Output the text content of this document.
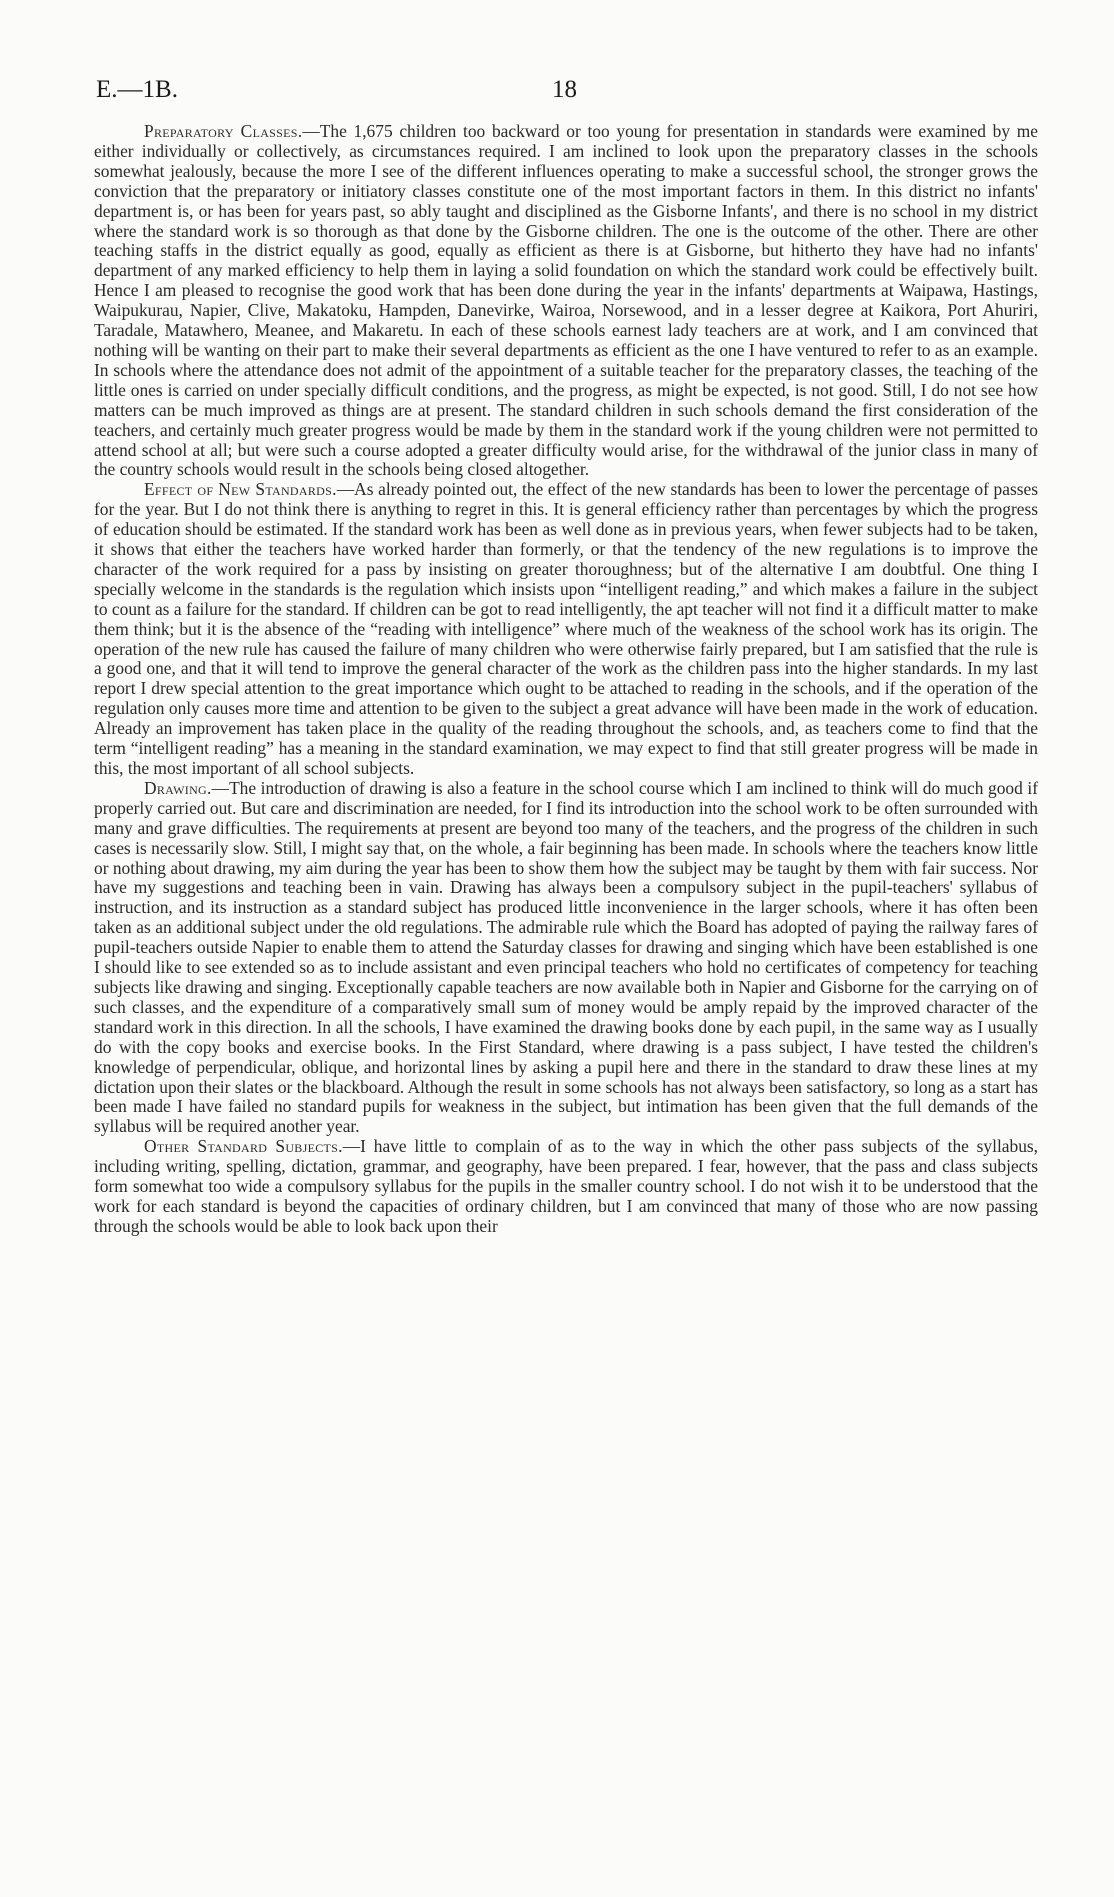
E.—1B.	18

Preparatory Classes.—The 1,675 children too backward or too young for presentation in standards were examined by me either individually or collectively, as circumstances required. I am inclined to look upon the preparatory classes in the schools somewhat jealously, because the more I see of the different influences operating to make a successful school, the stronger grows the conviction that the preparatory or initiatory classes constitute one of the most important factors in them. In this district no infants' department is, or has been for years past, so ably taught and disciplined as the Gisborne Infants', and there is no school in my district where the standard work is so thorough as that done by the Gisborne children. The one is the outcome of the other. There are other teaching staffs in the district equally as good, equally as efficient as there is at Gisborne, but hitherto they have had no infants' department of any marked efficiency to help them in laying a solid foundation on which the standard work could be effectively built. Hence I am pleased to recognise the good work that has been done during the year in the infants' departments at Waipawa, Hastings, Waipukurau, Napier, Clive, Makatoku, Hampden, Danevirke, Wairoa, Norsewood, and in a lesser degree at Kaikora, Port Ahuriri, Taradale, Matawhero, Meanee, and Makaretu. In each of these schools earnest lady teachers are at work, and I am convinced that nothing will be wanting on their part to make their several departments as efficient as the one I have ventured to refer to as an example. In schools where the attendance does not admit of the appointment of a suitable teacher for the preparatory classes, the teaching of the little ones is carried on under specially difficult conditions, and the progress, as might be expected, is not good. Still, I do not see how matters can be much improved as things are at present. The standard children in such schools demand the first consideration of the teachers, and certainly much greater progress would be made by them in the standard work if the young children were not permitted to attend school at all; but were such a course adopted a greater difficulty would arise, for the withdrawal of the junior class in many of the country schools would result in the schools being closed altogether.

Effect of New Standards.—As already pointed out, the effect of the new standards has been to lower the percentage of passes for the year. But I do not think there is anything to regret in this. It is general efficiency rather than percentages by which the progress of education should be estimated. If the standard work has been as well done as in previous years, when fewer subjects had to be taken, it shows that either the teachers have worked harder than formerly, or that the tendency of the new regulations is to improve the character of the work required for a pass by insisting on greater thoroughness; but of the alternative I am doubtful. One thing I specially welcome in the standards is the regulation which insists upon “intelligent reading,” and which makes a failure in the subject to count as a failure for the standard. If children can be got to read intelligently, the apt teacher will not find it a difficult matter to make them think; but it is the absence of the “reading with intelligence” where much of the weakness of the school work has its origin. The operation of the new rule has caused the failure of many children who were otherwise fairly prepared, but I am satisfied that the rule is a good one, and that it will tend to improve the general character of the work as the children pass into the higher standards. In my last report I drew special attention to the great importance which ought to be attached to reading in the schools, and if the operation of the regulation only causes more time and attention to be given to the subject a great advance will have been made in the work of education. Already an improvement has taken place in the quality of the reading throughout the schools, and, as teachers come to find that the term “intelligent reading” has a meaning in the standard examination, we may expect to find that still greater progress will be made in this, the most important of all school subjects.

Drawing.—The introduction of drawing is also a feature in the school course which I am inclined to think will do much good if properly carried out. But care and discrimination are needed, for I find its introduction into the school work to be often surrounded with many and grave difficulties. The requirements at present are beyond too many of the teachers, and the progress of the children in such cases is necessarily slow. Still, I might say that, on the whole, a fair beginning has been made. In schools where the teachers know little or nothing about drawing, my aim during the year has been to show them how the subject may be taught by them with fair success. Nor have my suggestions and teaching been in vain. Drawing has always been a compulsory subject in the pupil-teachers' syllabus of instruction, and its instruction as a standard subject has produced little inconvenience in the larger schools, where it has often been taken as an additional subject under the old regulations. The admirable rule which the Board has adopted of paying the railway fares of pupil-teachers outside Napier to enable them to attend the Saturday classes for drawing and singing which have been established is one I should like to see extended so as to include assistant and even principal teachers who hold no certificates of competency for teaching subjects like drawing and singing. Exceptionally capable teachers are now available both in Napier and Gisborne for the carrying on of such classes, and the expenditure of a comparatively small sum of money would be amply repaid by the improved character of the standard work in this direction. In all the schools, I have examined the drawing books done by each pupil, in the same way as I usually do with the copy books and exercise books. In the First Standard, where drawing is a pass subject, I have tested the children's knowledge of perpendicular, oblique, and horizontal lines by asking a pupil here and there in the standard to draw these lines at my dictation upon their slates or the blackboard. Although the result in some schools has not always been satisfactory, so long as a start has been made I have failed no standard pupils for weakness in the subject, but intimation has been given that the full demands of the syllabus will be required another year.

Other Standard Subjects.—I have little to complain of as to the way in which the other pass subjects of the syllabus, including writing, spelling, dictation, grammar, and geography, have been prepared. I fear, however, that the pass and class subjects form somewhat too wide a compulsory syllabus for the pupils in the smaller country school. I do not wish it to be understood that the work for each standard is beyond the capacities of ordinary children, but I am convinced that many of those who are now passing through the schools would be able to look back upon their
